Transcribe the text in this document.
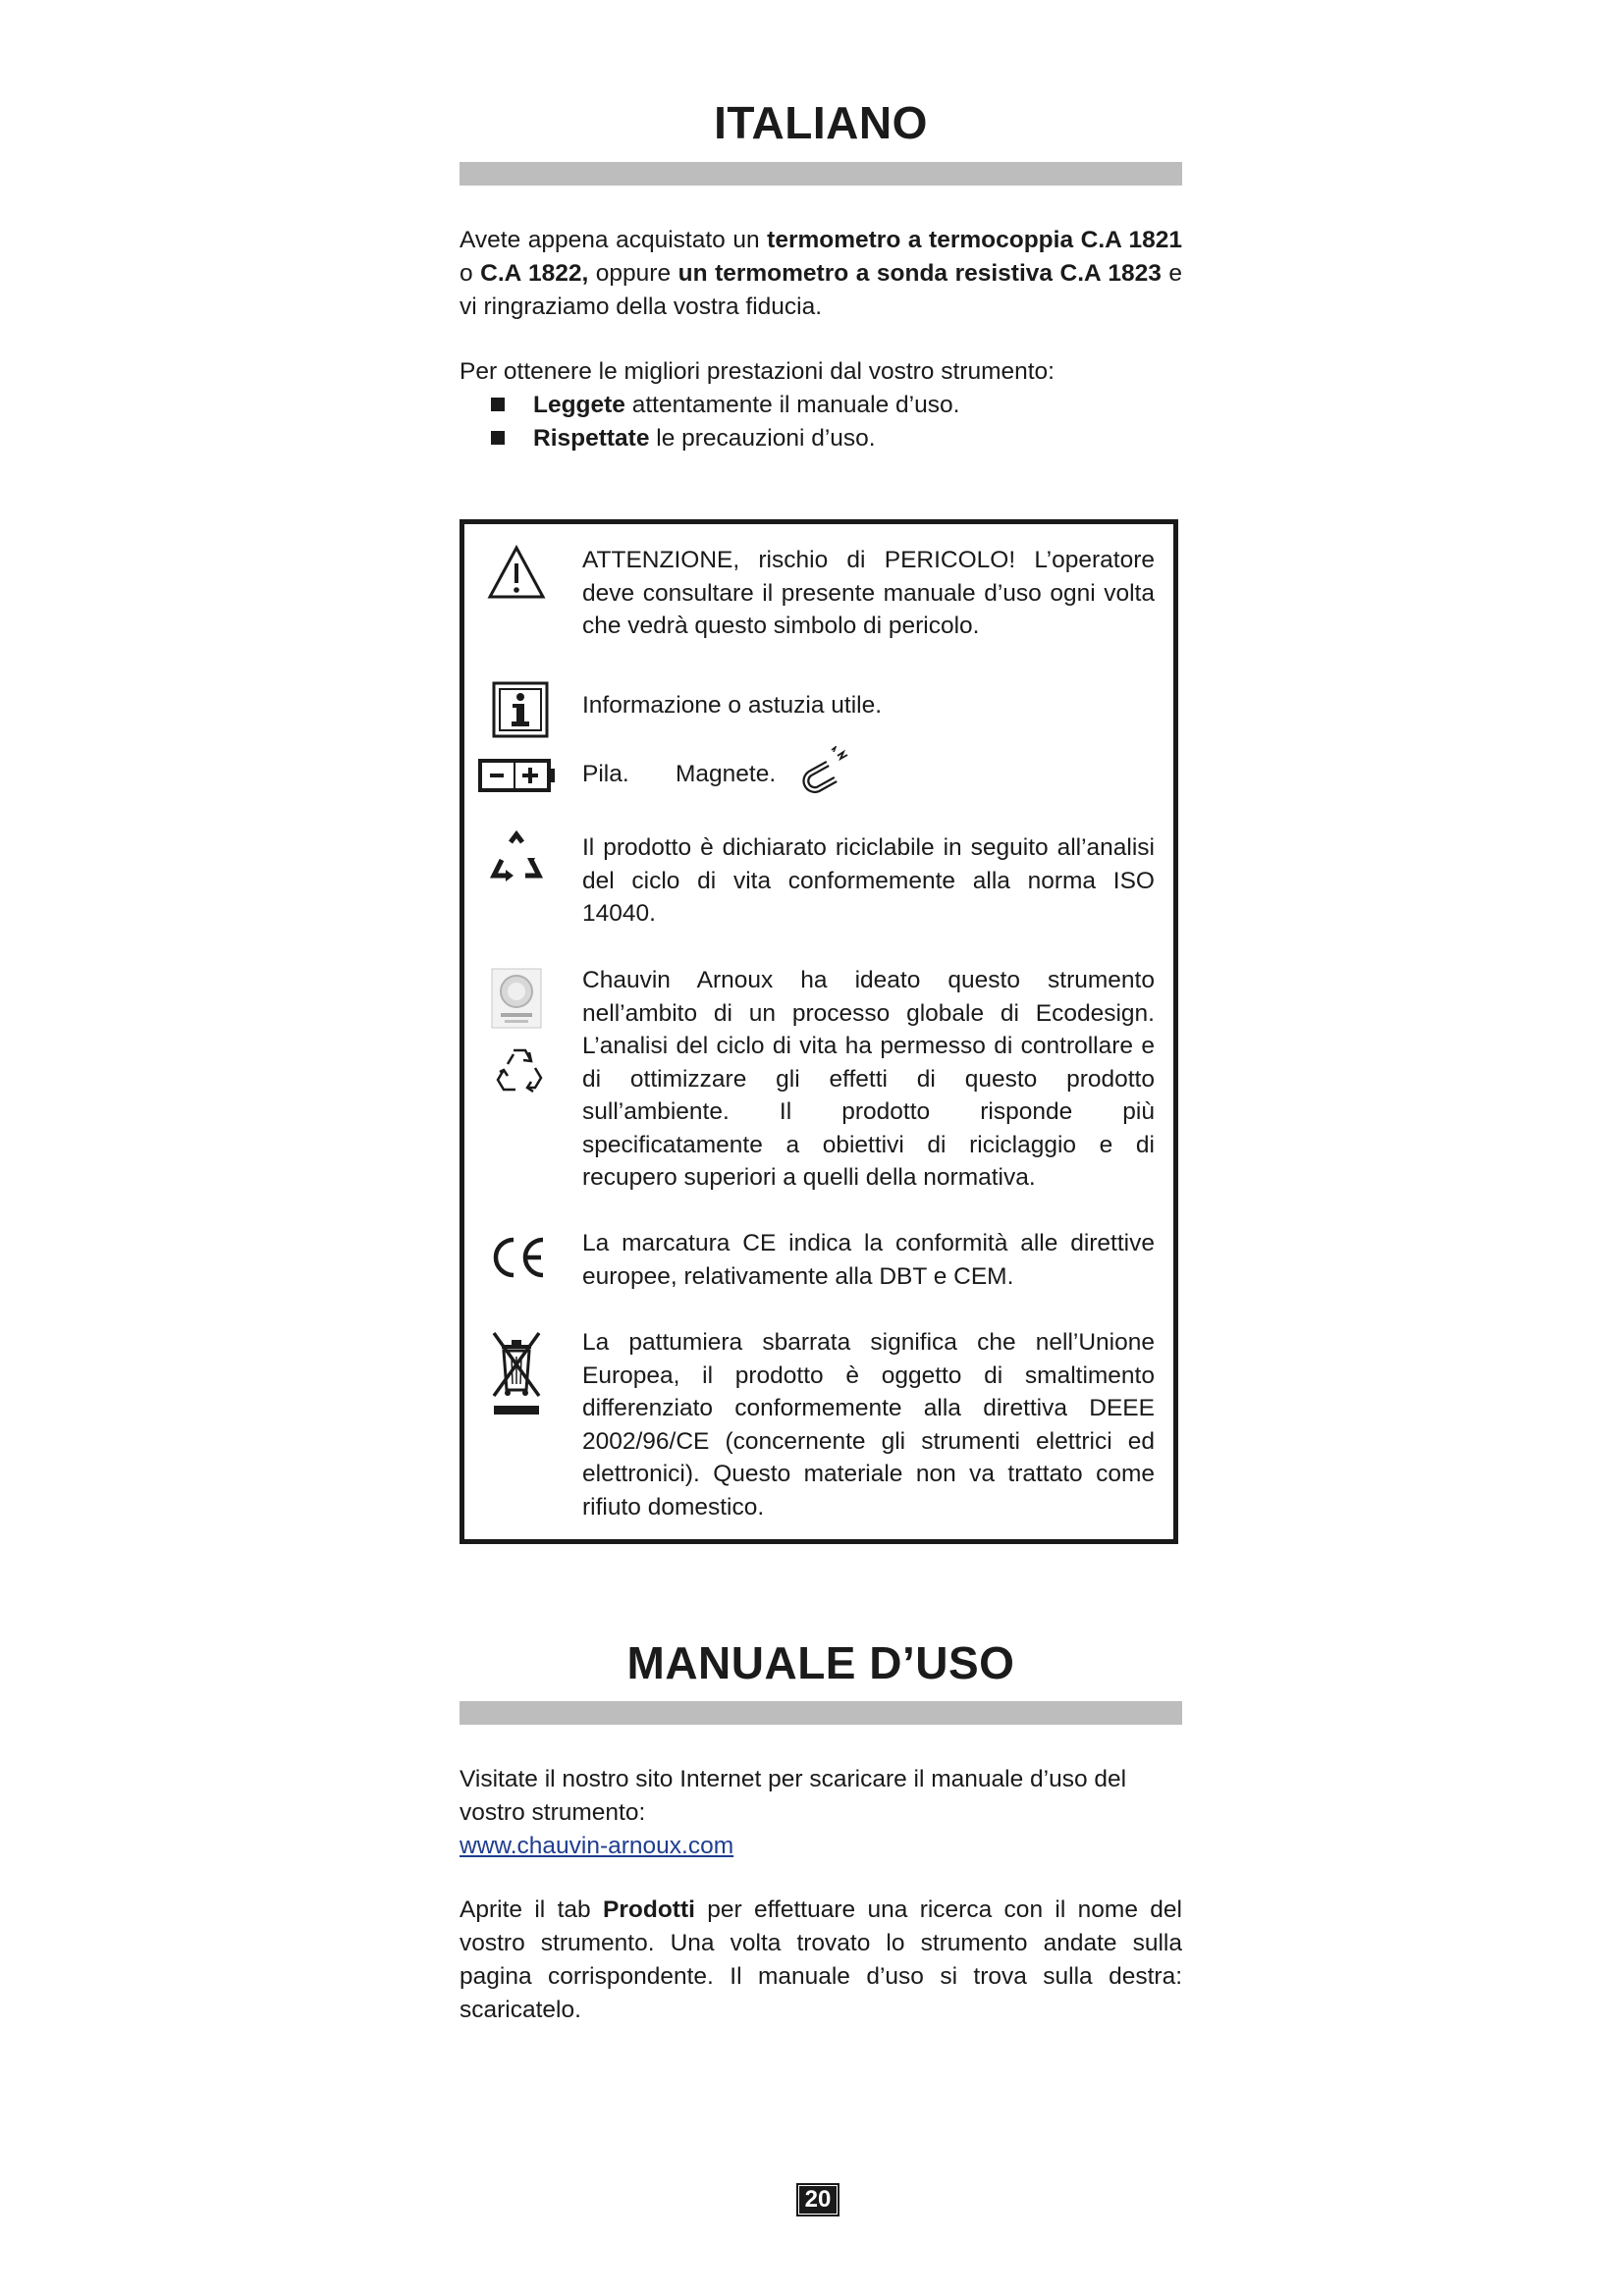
ITALIANO
Avete appena acquistato un termometro a termocoppia C.A 1821 o C.A 1822, oppure un termometro a sonda resistiva C.A 1823 e vi ringraziamo della vostra fiducia.
Per ottenere le migliori prestazioni dal vostro strumento:
Leggete attentamente il manuale d’uso.
Rispettate le precauzioni d’uso.
ATTENZIONE, rischio di PERICOLO! L’operatore deve consultare il presente manuale d’uso ogni volta che vedrà questo simbolo di pericolo.
Informazione o astuzia utile.
Pila. Magnete.
Il prodotto è dichiarato riciclabile in seguito all’analisi del ciclo di vita conformemente alla norma ISO 14040.
Chauvin Arnoux ha ideato questo strumento nell’ambito di un processo globale di Ecodesign. L’analisi del ciclo di vita ha permesso di controllare e di ottimizzare gli effetti di questo prodotto sull’ambiente. Il prodotto risponde più specificatamente a obiettivi di riciclaggio e di recupero superiori a quelli della normativa.
La marcatura CE indica la conformità alle direttive europee, relativamente alla DBT e CEM.
La pattumiera sbarrata significa che nell’Unione Europea, il prodotto è oggetto di smaltimento differenziato conformemente alla direttiva DEEE 2002/96/CE (concernente gli strumenti elettrici ed elettronici). Questo materiale non va trattato come rifiuto domestico.
MANUALE D’USO
Visitate il nostro sito Internet per scaricare il manuale d’uso del vostro strumento:
www.chauvin-arnoux.com
Aprite il tab Prodotti per effettuare una ricerca con il nome del vostro strumento. Una volta trovato lo strumento andate sulla pagina corrispondente. Il manuale d’uso si trova sulla destra: scaricatelo.
20
